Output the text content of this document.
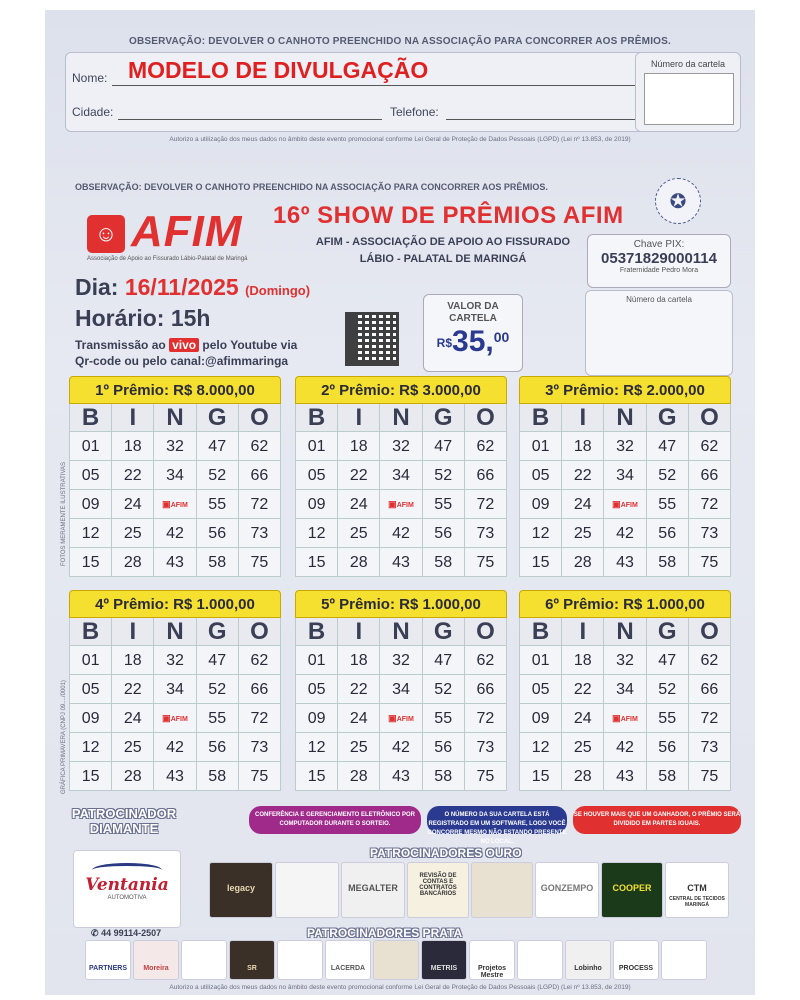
OBSERVAÇÃO: DEVOLVER O CANHOTO PREENCHIDO NA ASSOCIAÇÃO PARA CONCORRER AOS PRÊMIOS.
Nome: MODELO DE DIVULGAÇÃO
Cidade:	Telefone:
Número da cartela
Autorizo a utilização dos meus dados no âmbito deste evento promocional conforme Lei Geral de Proteção de Dados Pessoais (LGPD) (Lei nº 13.853, de 2019)
OBSERVAÇÃO: DEVOLVER O CANHOTO PREENCHIDO NA ASSOCIAÇÃO PARA CONCORRER AOS PRÊMIOS.
✪
☺ AFIM
Associação de Apoio ao Fissurado Lábio-Palatal de Maringá
16º SHOW DE PRÊMIOS AFIM
AFIM - ASSOCIAÇÃO DE APOIO AO FISSURADO
LÁBIO - PALATAL DE MARINGÁ
Chave PIX:
05371829000114
Fraternidade Pedro Mora
Número da cartela
Dia: 16/11/2025 (Domingo)
Horário: 15h
Transmissão ao vivo pelo Youtube via
Qr-code ou pelo canal:@afimmaringa
VALOR DA
CARTELA
R$35,00
FOTOS MERAMENTE ILUSTRATIVAS
GRÁFICA PRIMAVERA (CNPJ 09..../0001)
1º Prêmio: R$ 8.000,00
B	I	N	G O
01	18	32	47	62
05	22	34	52	66
09	24	▣ AFIM	55	72
12	25	42	56	73
15	28	43	58	75
2º Prêmio: R$ 3.000,00
B	I	N	G O
01	18	32	47	62
05	22	34	52	66
09	24	▣ AFIM	55	72
12	25	42	56	73
15	28	43	58	75
3º Prêmio: R$ 2.000,00
B	I	N	G O
01	18	32	47	62
05	22	34	52	66
09	24	▣ AFIM	55	72
12	25	42	56	73
15	28	43	58	75
4º Prêmio: R$ 1.000,00
B	I	N	G O
01	18	32	47	62
05	22	34	52	66
09	24	▣ AFIM	55	72
12	25	42	56	73
15	28	43	58	75
5º Prêmio: R$ 1.000,00
B	I	N	G O
01	18	32	47	62
05	22	34	52	66
09	24	▣ AFIM	55	72
12	25	42	56	73
15	28	43	58	75
6º Prêmio: R$ 1.000,00
B	I	N	G O
01	18	32	47	62
05	22	34	52	66
09	24	▣ AFIM	55	72
12	25	42	56	73
15	28	43	58	75
PATROCINADOR
DIAMANTE
Ventania
AUTOMOTIVA
✆ 44 99114-2507
CONFERÊNCIA E GERENCIAMENTO ELETRÔNICO POR COMPUTADOR DURANTE O SORTEIO.
O NÚMERO DA SUA CARTELA ESTÁ REGISTRADO EM UM SOFTWARE, LOGO VOCÊ CONCORRE MESMO NÃO ESTANDO PRESENTE NO LOCAL.
SE HOUVER MAIS QUE UM GANHADOR, O PRÊMIO SERÁ DIVIDIDO EM PARTES IGUAIS.
PATROCINADORES OURO
legacy	MEGALTER
REVISÃO DE CONTAS E CONTRATOS BANCÁRIOS
GONZEMPO	COOPER	CTM
CENTRAL DE TECIDOS MARINGÁ
PATROCINADORES PRATA
PARTNERS	Moreira	SR	LACERDA	METRIS	Projetos Mestre
Lobinho	PROCESS
Autorizo a utilização dos meus dados no âmbito deste evento promocional conforme Lei Geral de Proteção de Dados Pessoais (LGPD) (Lei nº 13.853, de 2019)
